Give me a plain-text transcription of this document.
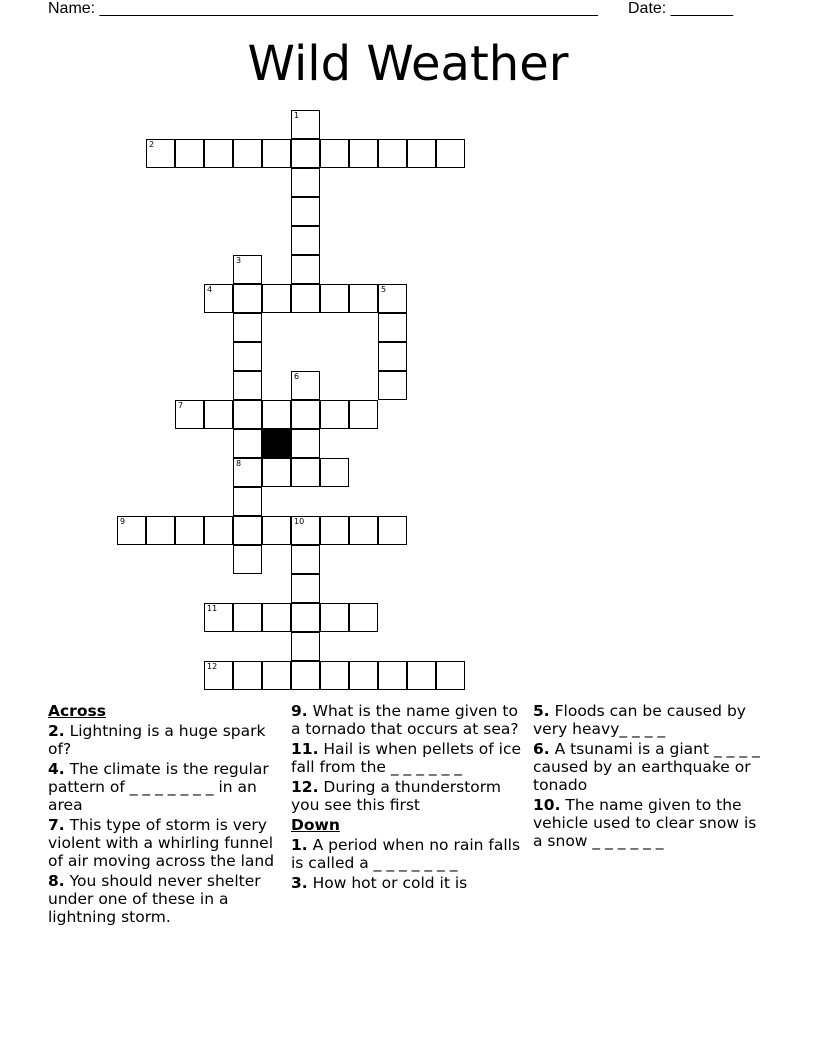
Name: ________________________________________________________ Date: _______
Wild Weather
1
2
3
4	5
6
7
8
9	10
11
12
Across
2. Lightning is a huge spark of?
4. The climate is the regular pattern of _ _ _ _ _ _ _ in an area
7. This type of storm is very violent with a whirling funnel of air moving across the land
8. You should never shelter under one of these in a lightning storm.
9. What is the name given to a tornado that occurs at sea?
11. Hail is when pellets of ice fall from the _ _ _ _ _ _
12. During a thunderstorm you see this first
Down
1. A period when no rain falls is called a _ _ _ _ _ _ _
3. How hot or cold it is
5. Floods can be caused by very heavy_ _ _ _
6. A tsunami is a giant _ _ _ _ caused by an earthquake or tonado
10. The name given to the vehicle used to clear snow is a snow _ _ _ _ _ _
